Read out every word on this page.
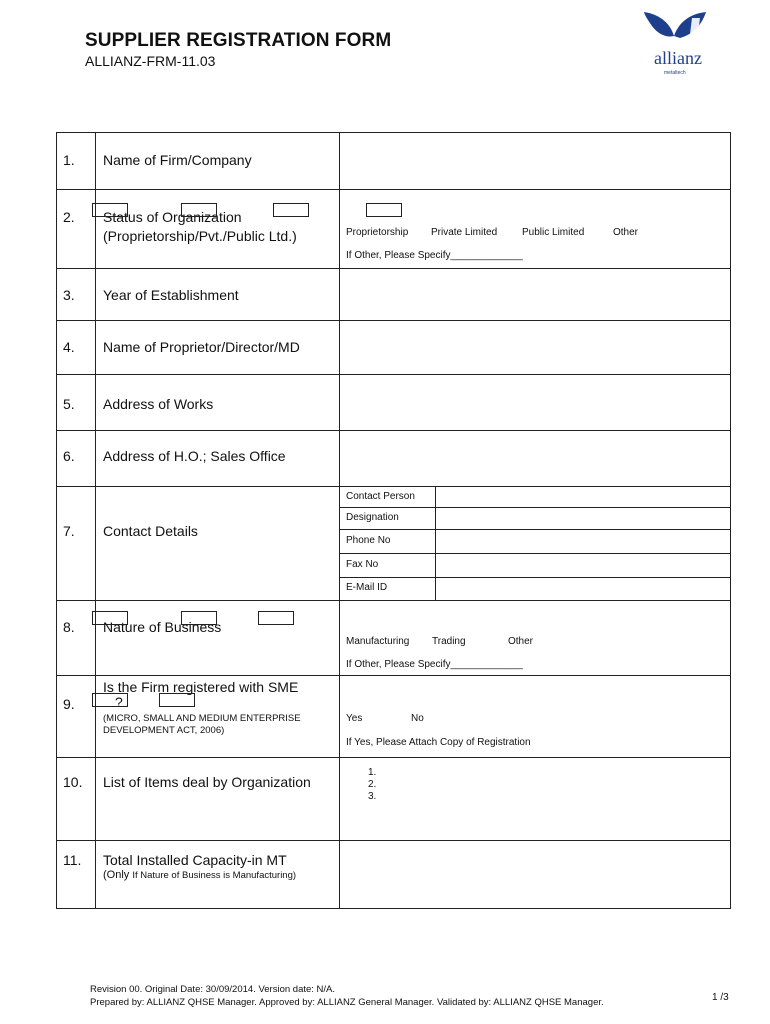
SUPPLIER REGISTRATION FORM
ALLIANZ-FRM-11.03	allianz
metaltech
1. Name of Firm/Company
2. Status of Organization
(Proprietorship/Pvt./Public Ltd.)	Proprietorship Private Limited Public Limited	Other
If Other, Please Specify_____________
3. Year of Establishment
4. Name of Proprietor/Director/MD
5. Address of Works
6. Address of H.O.; Sales Office
7. Contact Details
Contact Person
Designation
Phone No
Fax No
E-Mail ID
8. Nature of Business
Manufacturing Trading	Other
If Other, Please Specify_____________
9.
Is the Firm registered with SME
?
(MICRO, SMALL AND MEDIUM ENTERPRISE DEVELOPMENT ACT, 2006)
Yes	No
If Yes, Please Attach Copy of Registration
10. List of Items deal by Organization
1.
2.
3.
11. Total Installed Capacity-in MT
(Only If Nature of Business is Manufacturing)
Revision 00. Original Date: 30/09/2014. Version date: N/A.
Prepared by: ALLIANZ QHSE Manager. Approved by: ALLIANZ General Manager. Validated by: ALLIANZ QHSE Manager.	1 /3
